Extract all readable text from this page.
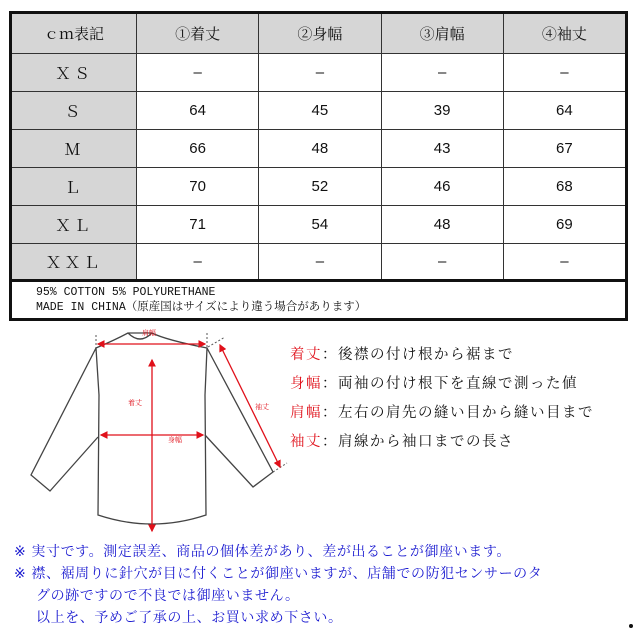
ｃｍ表記	①着丈	②身幅	③肩幅	④袖丈
ＸＳ	–	–	–	–
Ｓ	64	45	39	64
Ｍ	66	48	43	67
Ｌ	70	52	46	68
ＸＬ	71	54	48	69
ＸＸＬ	–	–	–	–
95% COTTON 5% POLYURETHANE
MADE IN CHINA（原産国はサイズにより違う場合があります）
肩幅
着丈
身幅
袖丈
着丈：後襟の付け根から裾まで
身幅：両袖の付け根下を直線で測った値
肩幅：左右の肩先の縫い目から縫い目まで
袖丈：肩線から袖口までの長さ
※ 実寸です。測定誤差、商品の個体差があり、差が出ることが御座います。
※ 襟、裾周りに針穴が目に付くことが御座いますが、店舗での防犯センサーのタ
グの跡ですので不良では御座いません。
以上を、予めご了承の上、お買い求め下さい。
